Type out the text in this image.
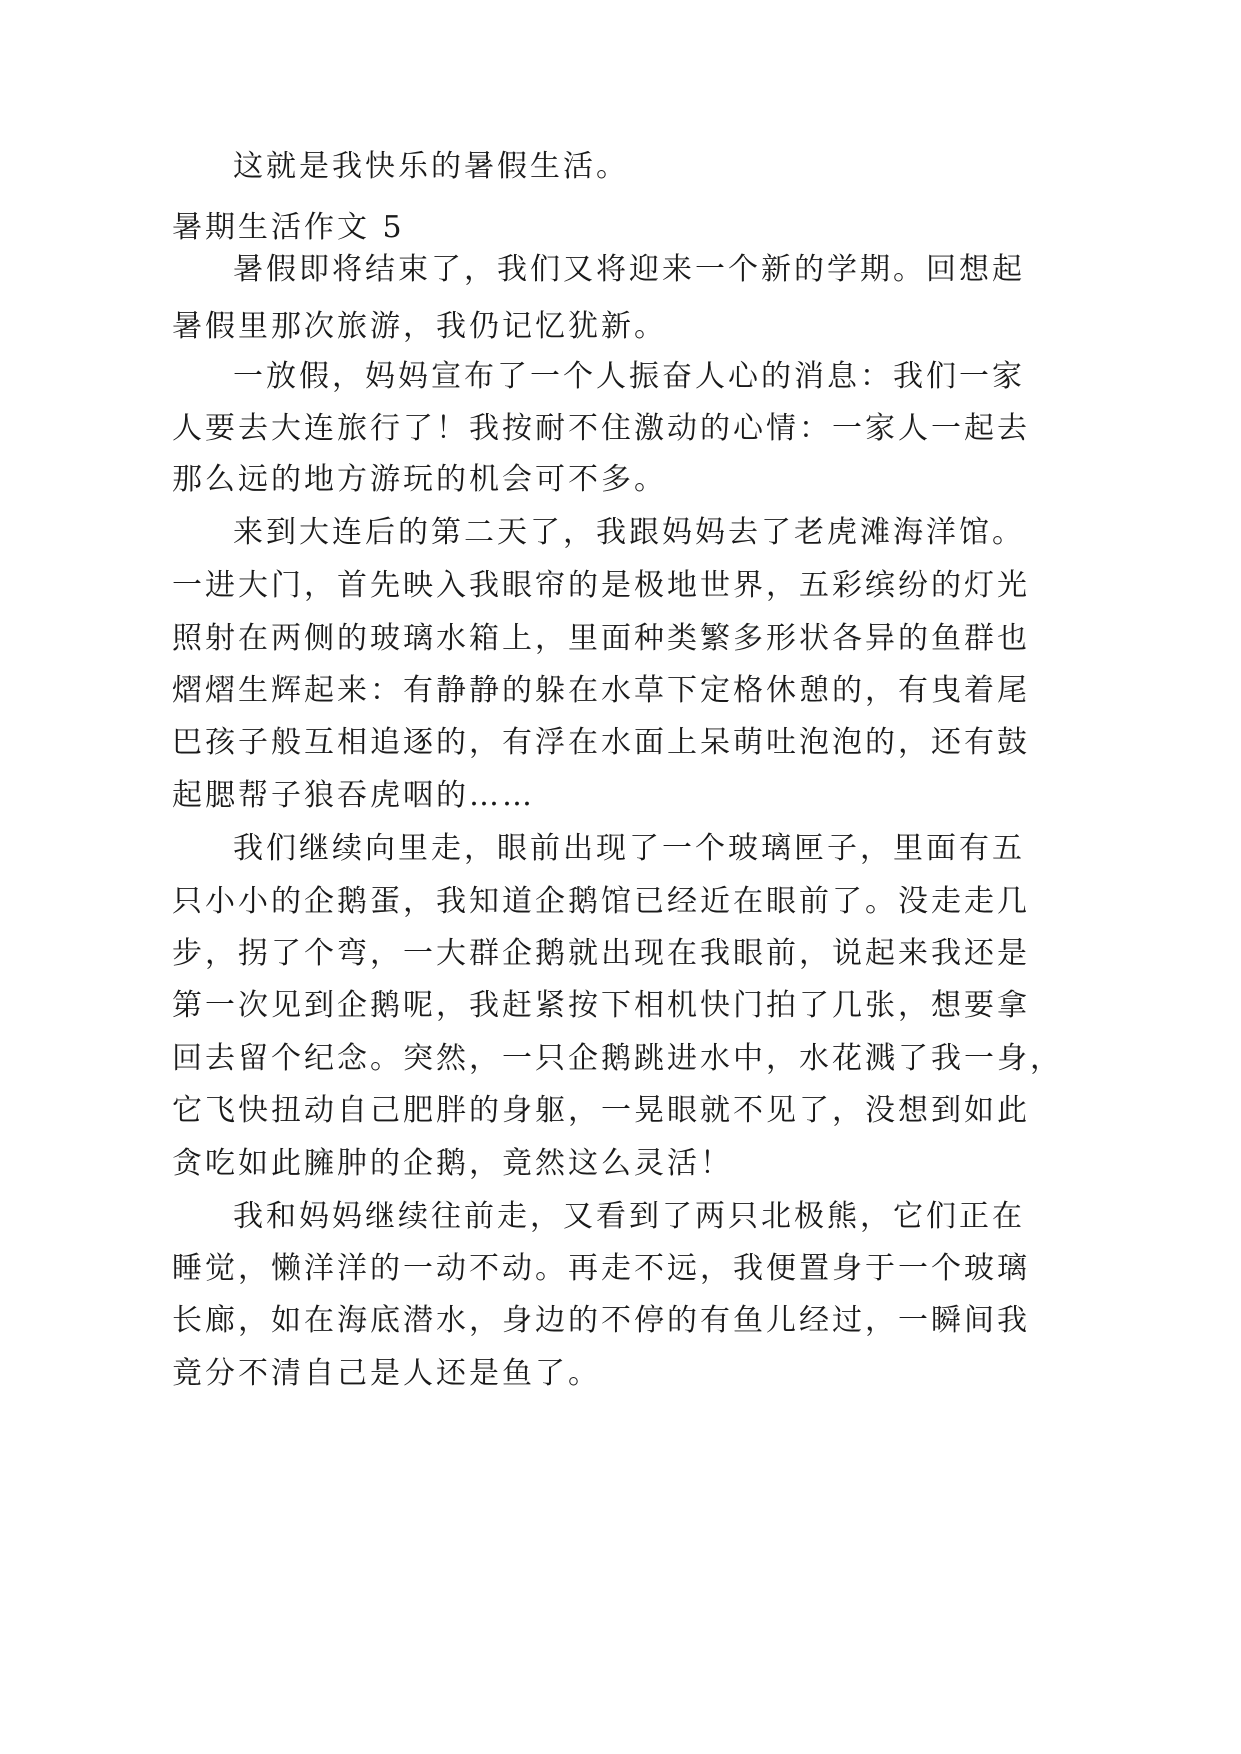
这就是我快乐的暑假生活。
暑期生活作文 5
暑假即将结束了，我们又将迎来一个新的学期。回想起
暑假里那次旅游，我仍记忆犹新。
一放假，妈妈宣布了一个人振奋人心的消息：我们一家
人要去大连旅行了！我按耐不住激动的心情：一家人一起去
那么远的地方游玩的机会可不多。
来到大连后的第二天了，我跟妈妈去了老虎滩海洋馆。
一进大门，首先映入我眼帘的是极地世界，五彩缤纷的灯光
照射在两侧的玻璃水箱上，里面种类繁多形状各异的鱼群也
熠熠生辉起来：有静静的躲在水草下定格休憩的，有曳着尾
巴孩子般互相追逐的，有浮在水面上呆萌吐泡泡的，还有鼓
起腮帮子狼吞虎咽的……
我们继续向里走，眼前出现了一个玻璃匣子，里面有五
只小小的企鹅蛋，我知道企鹅馆已经近在眼前了。没走走几
步，拐了个弯，一大群企鹅就出现在我眼前，说起来我还是
第一次见到企鹅呢，我赶紧按下相机快门拍了几张，想要拿
回去留个纪念。突然，一只企鹅跳进水中，水花溅了我一身，
它飞快扭动自己肥胖的身躯，一晃眼就不见了，没想到如此
贪吃如此臃肿的企鹅，竟然这么灵活！
我和妈妈继续往前走，又看到了两只北极熊，它们正在
睡觉，懒洋洋的一动不动。再走不远，我便置身于一个玻璃
长廊，如在海底潜水，身边的不停的有鱼儿经过，一瞬间我
竟分不清自己是人还是鱼了。
